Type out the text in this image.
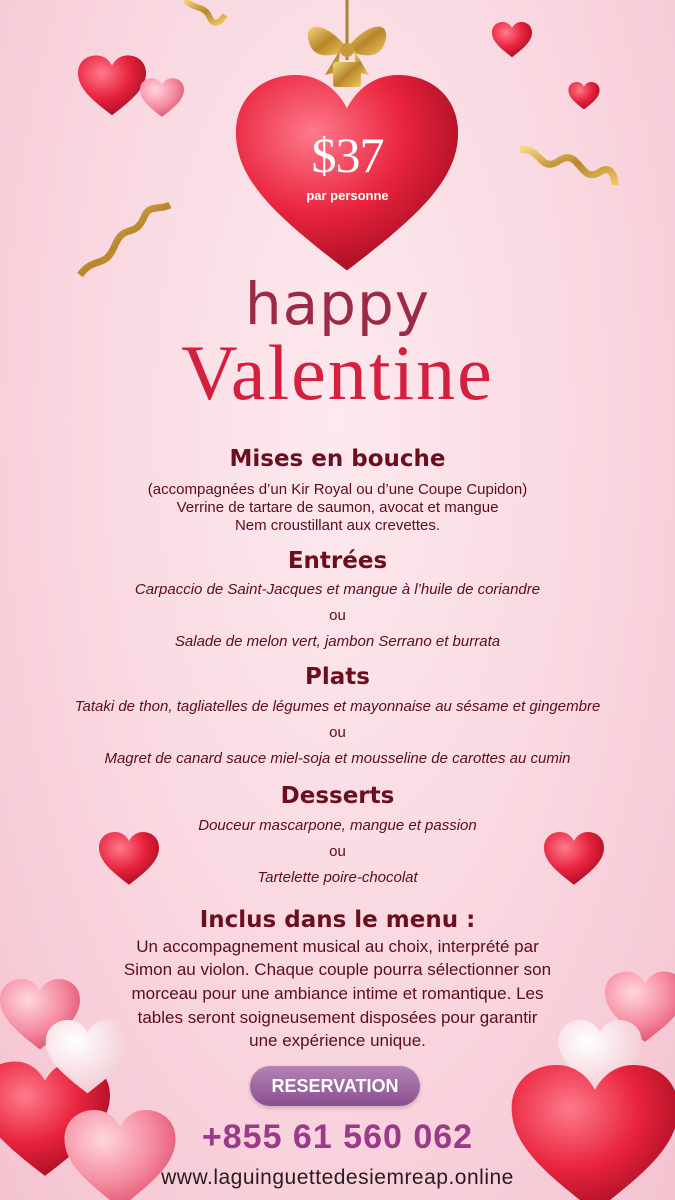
$37
par personne
happy
Valentine
Mises en bouche
(accompagnées d’un Kir Royal ou d’une Coupe Cupidon)
Verrine de tartare de saumon, avocat et mangue
Nem croustillant aux crevettes.
Entrées
Carpaccio de Saint-Jacques et mangue à l’huile de coriandre
ou
Salade de melon vert, jambon Serrano et burrata
Plats
Tataki de thon, tagliatelles de légumes et mayonnaise au sésame et gingembre
ou
Magret de canard sauce miel-soja et mousseline de carottes au cumin
Desserts
Douceur mascarpone, mangue et passion
ou
Tartelette poire-chocolat
Inclus dans le menu :
Un accompagnement musical au choix, interprété par
Simon au violon. Chaque couple pourra sélectionner son
morceau pour une ambiance intime et romantique. Les
tables seront soigneusement disposées pour garantir
une expérience unique.
RESERVATION
+855 61 560 062
www.laguinguettedesiemreap.online
